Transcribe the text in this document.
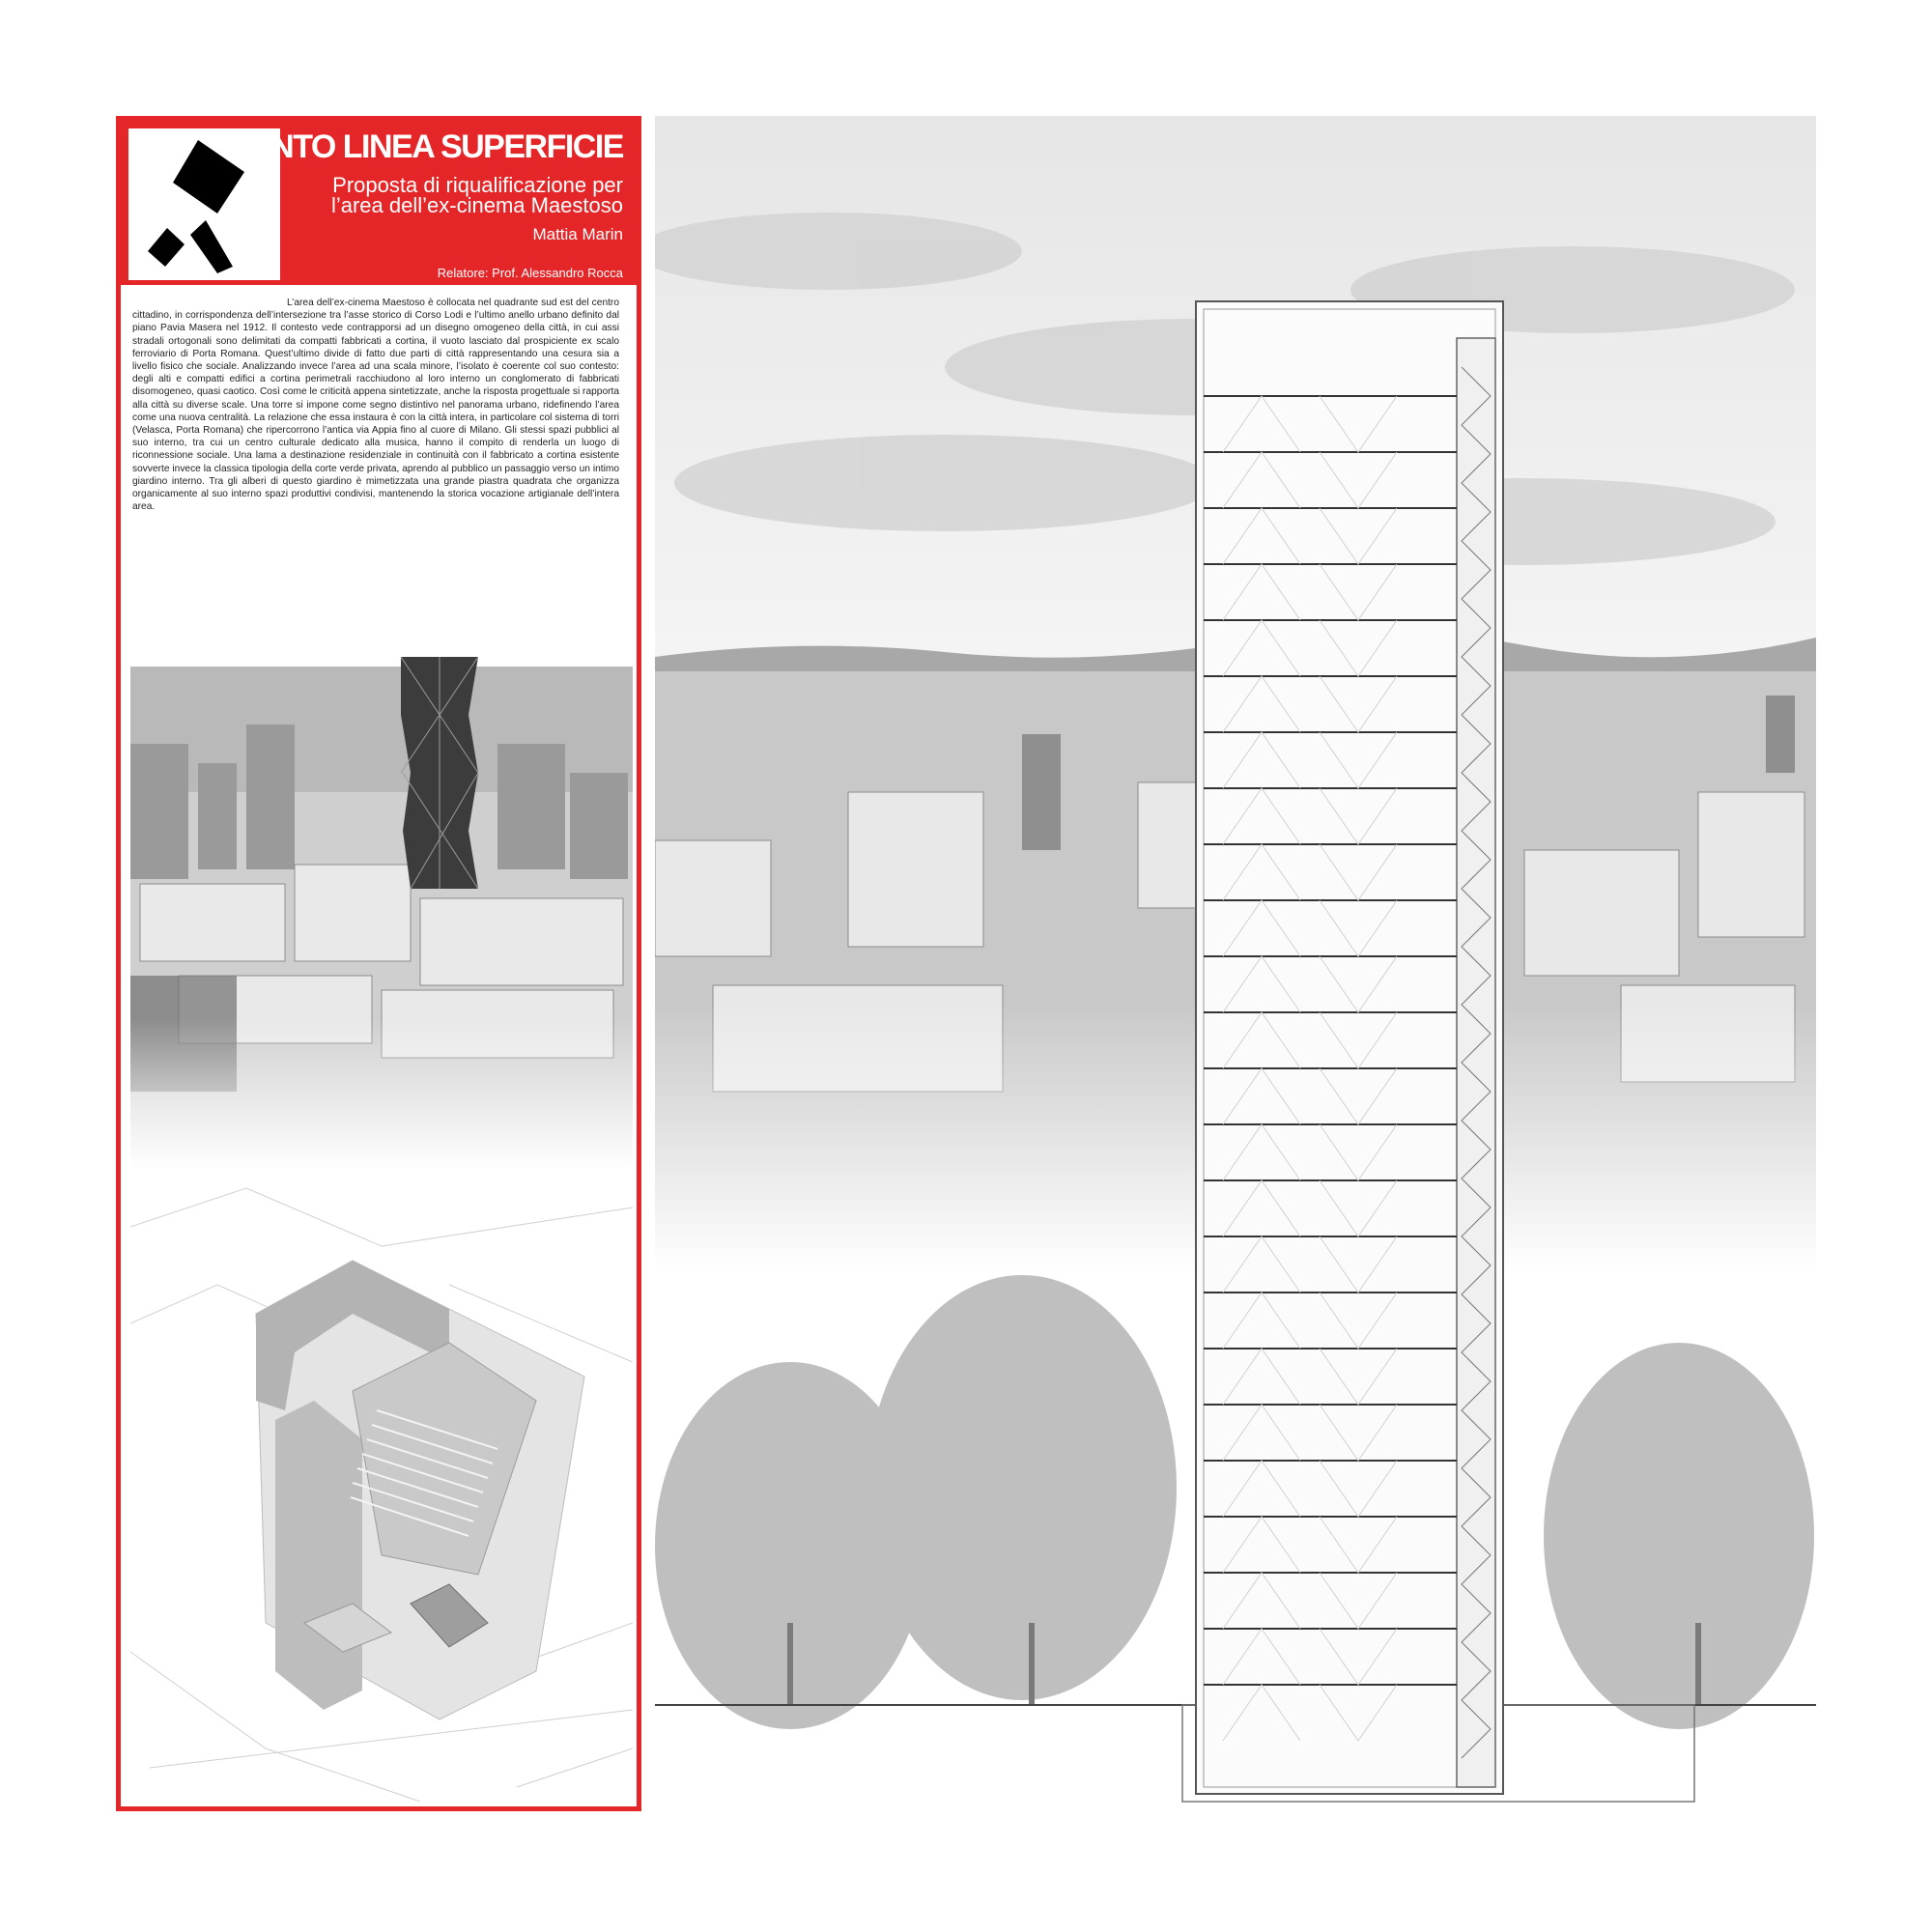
PUNTO LINEA SUPERFICIE
Proposta di riqualificazione per
l’area dell’ex-cinema Maestoso
Mattia Marin
Relatore: Prof. Alessandro Rocca
L’area dell’ex-cinema Maestoso è collocata nel quadrante sud est del centro cittadino, in corrispondenza dell’intersezione tra l’asse storico di Corso Lodi e l’ultimo anello urbano definito dal piano Pavia Masera nel 1912. Il contesto vede contrapporsi ad un disegno omogeneo della città, in cui assi stradali ortogonali sono delimitati da compatti fabbricati a cortina, il vuoto lasciato dal prospiciente ex scalo ferroviario di Porta Romana. Quest’ultimo divide di fatto due parti di città rappresentando una cesura sia a livello fisico che sociale. Analizzando invece l’area ad una scala minore, l’isolato è coerente col suo contesto: degli alti e compatti edifici a cortina perimetrali racchiudono al loro interno un conglomerato di fabbricati disomogeneo, quasi caotico. Così come le criticità appena sintetizzate, anche la risposta progettuale si rapporta alla città su diverse scale. Una torre si impone come segno distintivo nel panorama urbano, ridefinendo l’area come una nuova centralità. La relazione che essa instaura è con la città intera, in particolare col sistema di torri (Velasca, Porta Romana) che ripercorrono l’antica via Appia fino al cuore di Milano. Gli stessi spazi pubblici al suo interno, tra cui un centro culturale dedicato alla musica, hanno il compito di renderla un luogo di riconnessione sociale. Una lama a destinazione residenziale in continuità con il fabbricato a cortina esistente sovverte invece la classica tipologia della corte verde privata, aprendo al pubblico un passaggio verso un intimo giardino interno. Tra gli alberi di questo giardino è mimetizzata una grande piastra quadrata che organizza organicamente al suo interno spazi produttivi condivisi, mantenendo la storica vocazione artigianale dell’intera area.
